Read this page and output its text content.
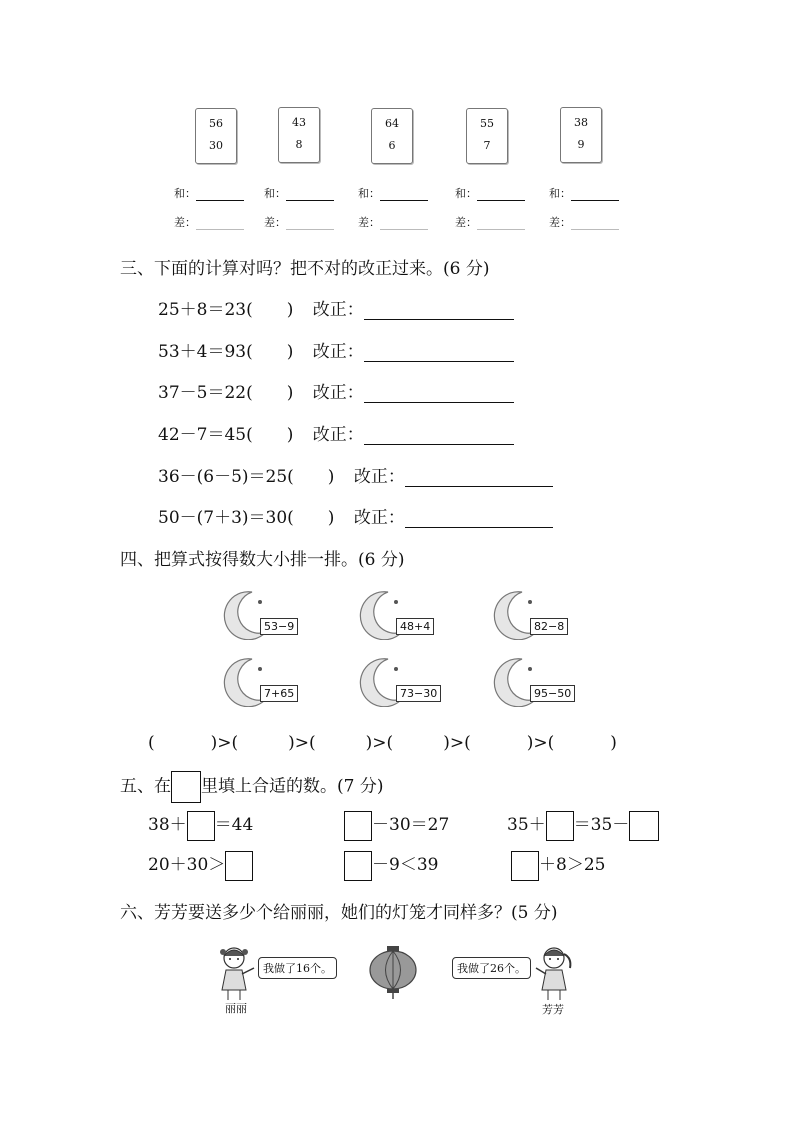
56
30
43
8
64
6
55
7
38
9
和：	和：	和：	和：	和：
差：	差：	差：	差：	差：
三、下面的计算对吗？把不对的改正过来。(6 分)
25＋8＝23( ) 改正：
53＋4＝93( ) 改正：
37－5＝22( ) 改正：
42－7＝45( ) 改正：
36－(6－5)＝25( ) 改正：
50－(7＋3)＝30( ) 改正：
四、把算式按得数大小排一排。(6 分)
53−9	48+4	82−8
7+65	73−30	95−50
(	)>(	)>(	)>(	)>(	)>(	)
五、在 里填上合适的数。(7 分)
38＋ ＝44	－30＝27	35＋ ＝35－
20＋30＞	－9＜39	＋8＞25
六、芳芳要送多少个给丽丽，她们的灯笼才同样多？(5 分)
我做了16个。
丽丽
我做了26个。
芳芳
